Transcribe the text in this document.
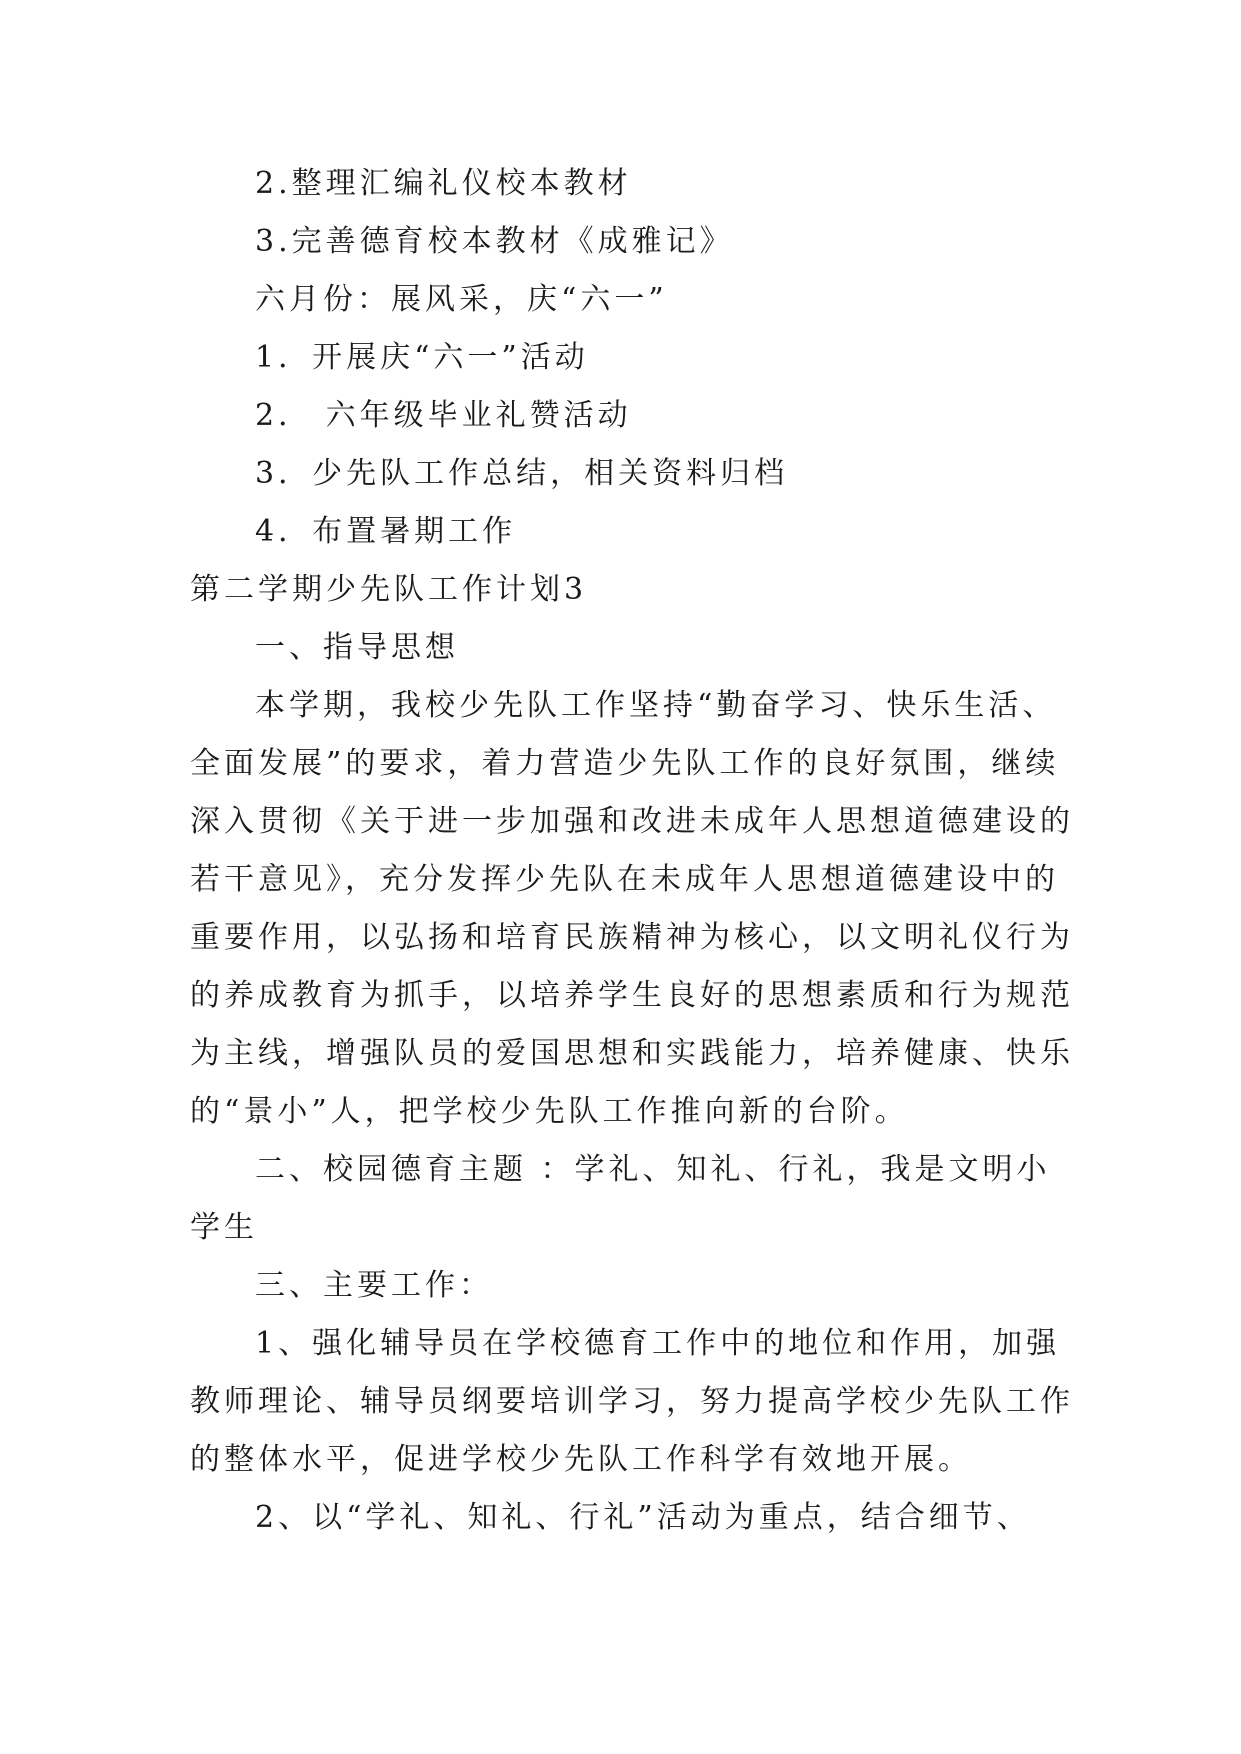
2.整理汇编礼仪校本教材
3.完善德育校本教材《成雅记》
六月份：展风采，庆“六一”
1．开展庆“六一”活动
2． 六年级毕业礼赞活动
3．少先队工作总结，相关资料归档
4．布置暑期工作
第二学期少先队工作计划3
一、指导思想
本学期，我校少先队工作坚持“勤奋学习、快乐生活、
全面发展”的要求，着力营造少先队工作的良好氛围，继续
深入贯彻《关于进一步加强和改进未成年人思想道德建设的
若干意见》，充分发挥少先队在未成年人思想道德建设中的
重要作用，以弘扬和培育民族精神为核心，以文明礼仪行为
的养成教育为抓手，以培养学生良好的思想素质和行为规范
为主线，增强队员的爱国思想和实践能力，培养健康、快乐
的“景小”人，把学校少先队工作推向新的台阶。
二、校园德育主题 ：学礼、知礼、行礼，我是文明小
学生
三、主要工作：
1、强化辅导员在学校德育工作中的地位和作用，加强
教师理论、辅导员纲要培训学习，努力提高学校少先队工作
的整体水平，促进学校少先队工作科学有效地开展。
2、以“学礼、知礼、行礼”活动为重点，结合细节、
